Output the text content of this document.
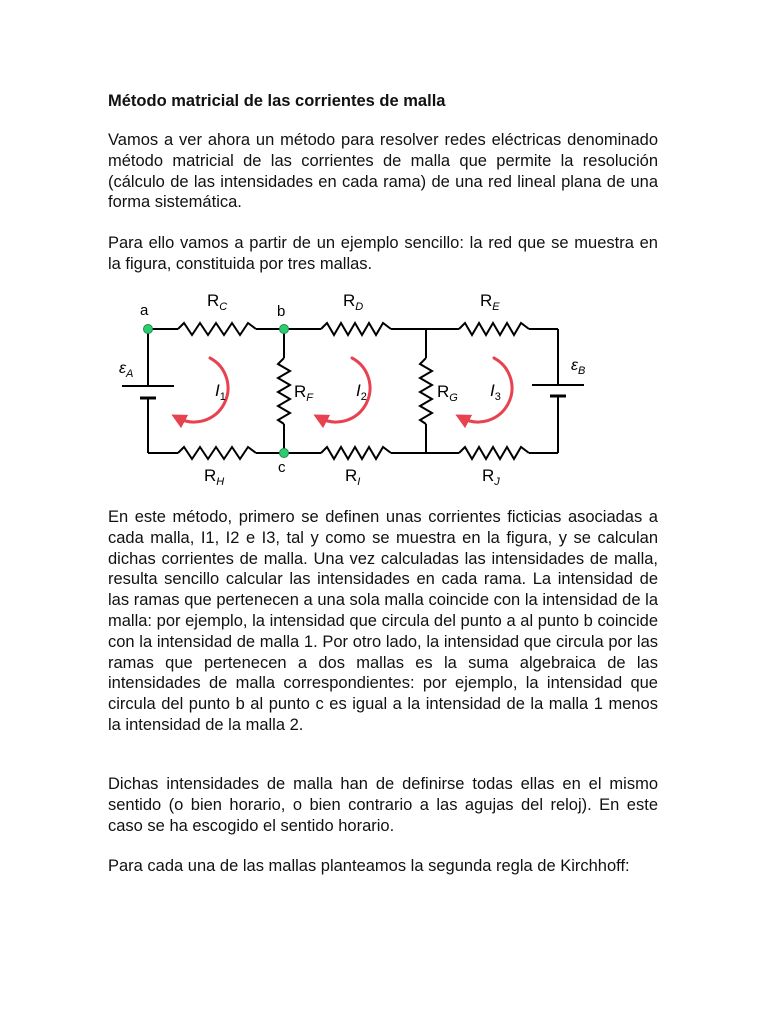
Método matricial de las corrientes de malla

Vamos a ver ahora un método para resolver redes eléctricas denominado método matricial de las corrientes de malla que permite la resolución (cálculo de las intensidades en cada rama) de una red lineal plana de una forma sistemática.

Para ello vamos a partir de un ejemplo sencillo: la red que se muestra en la figura, constituida por tres mallas.

En este método, primero se definen unas corrientes ficticias asociadas a cada malla, I1, I2 e I3, tal y como se muestra en la figura, y se calculan dichas corrientes de malla. Una vez calculadas las intensidades de malla, resulta sencillo calcular las intensidades en cada rama. La intensidad de las ramas que pertenecen a una sola malla coincide con la intensidad de la malla: por ejemplo, la intensidad que circula del punto a al punto b coincide con la intensidad de malla 1. Por otro lado, la intensidad que circula por las ramas que pertenecen a dos mallas es la suma algebraica de las intensidades de malla correspondientes: por ejemplo, la intensidad que circula del punto b al punto c es igual a la intensidad de la malla 1 menos la intensidad de la malla 2.

Dichas intensidades de malla han de definirse todas ellas en el mismo sentido (o bien horario, o bien contrario a las agujas del reloj). En este caso se ha escogido el sentido horario.

Para cada una de las mallas planteamos la segunda regla de Kirchhoff:

a	b
c
$R_C$	$R_D$	$R_E$
$R_F$	$R_G$
$R_H$	$R_I$	$R_J$
$\varepsilon_A$	$\varepsilon_B$
$I_1$	$I_2$	$I_3$
